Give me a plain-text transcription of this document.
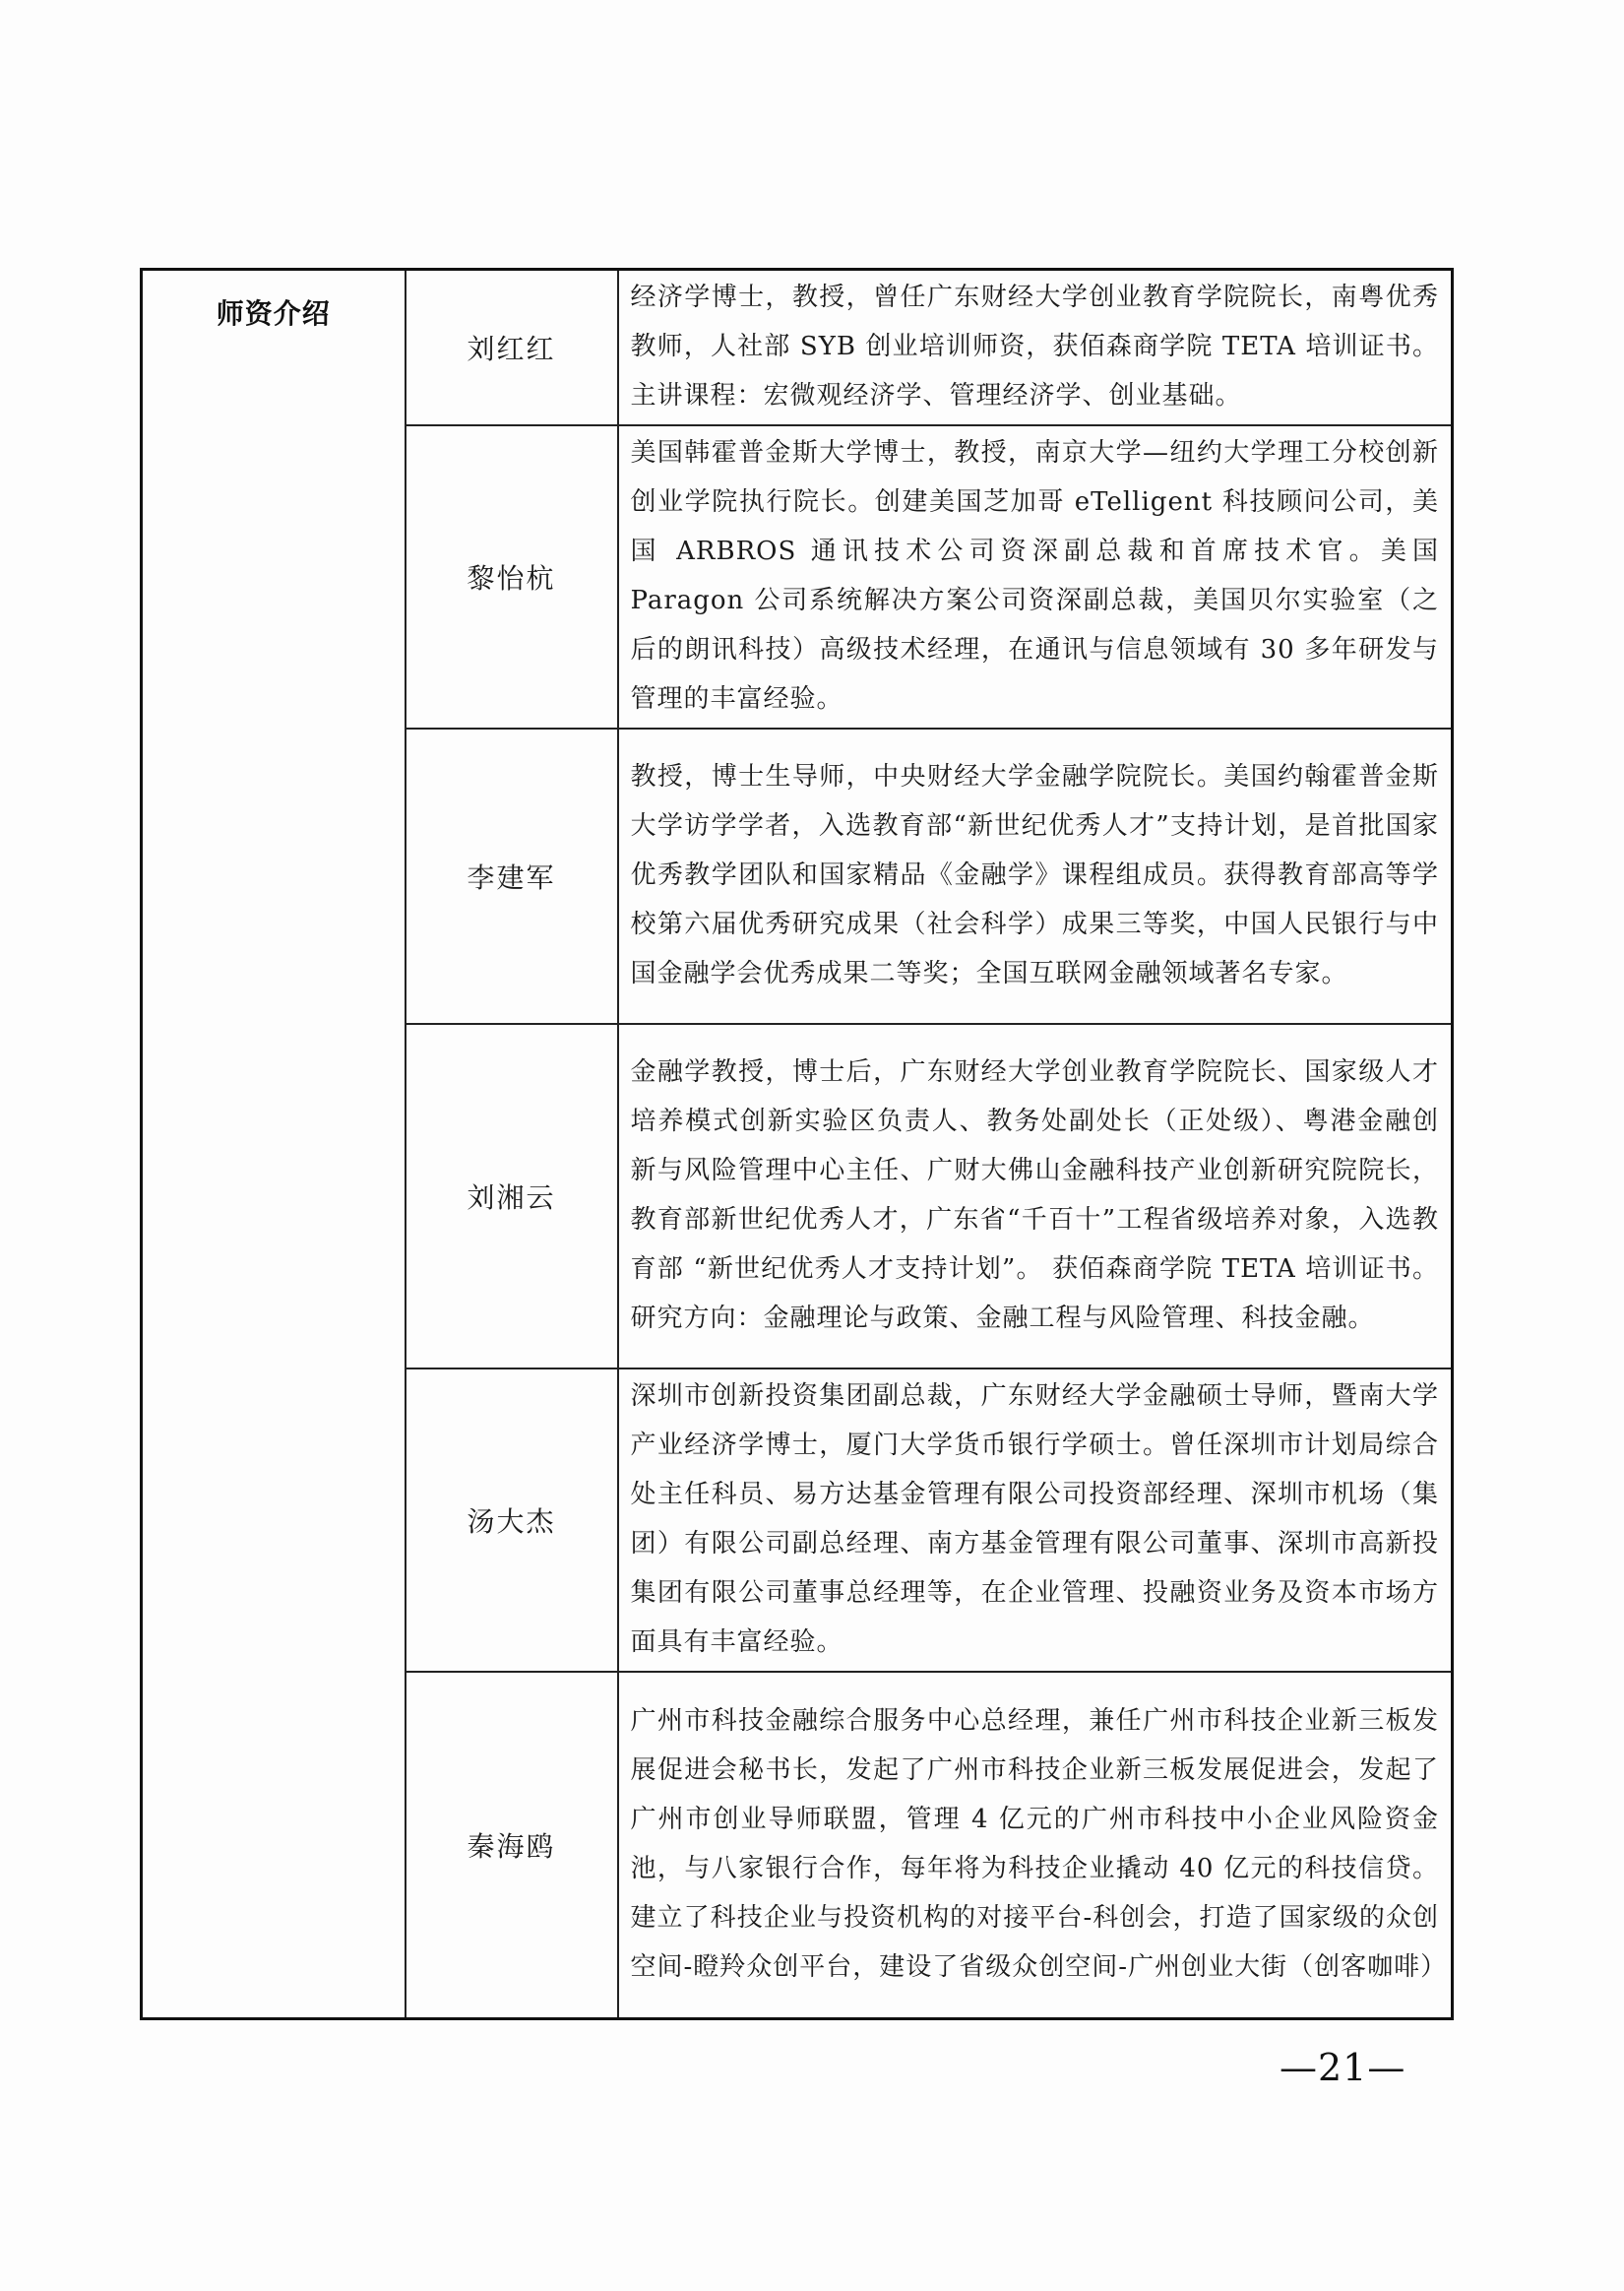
师资介绍	刘红红	经济学博士，教授，曾任广东财经大学创业教育学院院长，南粤优秀教师，人社部 SYB 创业培训师资，获佰森商学院 TETA 培训证书。主讲课程：宏微观经济学、管理经济学、创业基础。
	黎怡杭	美国韩霍普金斯大学博士，教授，南京大学—纽约大学理工分校创新创业学院执行院长。创建美国芝加哥 eTelligent 科技顾问公司，美国 ARBROS 通讯技术公司资深副总裁和首席技术官。美国 Paragon 公司系统解决方案公司资深副总裁，美国贝尔实验室（之后的朗讯科技）高级技术经理，在通讯与信息领域有 30 多年研发与管理的丰富经验。
	李建军	教授，博士生导师，中央财经大学金融学院院长。美国约翰霍普金斯大学访学学者，入选教育部“新世纪优秀人才”支持计划，是首批国家优秀教学团队和国家精品《金融学》课程组成员。获得教育部高等学校第六届优秀研究成果（社会科学）成果三等奖，中国人民银行与中国金融学会优秀成果二等奖；全国互联网金融领域著名专家。
	刘湘云	金融学教授，博士后，广东财经大学创业教育学院院长、国家级人才培养模式创新实验区负责人、教务处副处长（正处级）、粤港金融创新与风险管理中心主任、广财大佛山金融科技产业创新研究院院长，教育部新世纪优秀人才，广东省“千百十”工程省级培养对象，入选教育部 “新世纪优秀人才支持计划”。 获佰森商学院 TETA 培训证书。研究方向：金融理论与政策、金融工程与风险管理、科技金融。
	汤大杰	深圳市创新投资集团副总裁，广东财经大学金融硕士导师，暨南大学产业经济学博士，厦门大学货币银行学硕士。曾任深圳市计划局综合处主任科员、易方达基金管理有限公司投资部经理、深圳市机场（集团）有限公司副总经理、南方基金管理有限公司董事、深圳市高新投集团有限公司董事总经理等，在企业管理、投融资业务及资本市场方面具有丰富经验。
	秦海鸥	广州市科技金融综合服务中心总经理，兼任广州市科技企业新三板发展促进会秘书长，发起了广州市科技企业新三板发展促进会，发起了广州市创业导师联盟，管理 4 亿元的广州市科技中小企业风险资金池，与八家银行合作，每年将为科技企业撬动 40 亿元的科技信贷。建立了科技企业与投资机构的对接平台-科创会，打造了国家级的众创空间-瞪羚众创平台，建设了省级众创空间-广州创业大街（创客咖啡）
—21—
